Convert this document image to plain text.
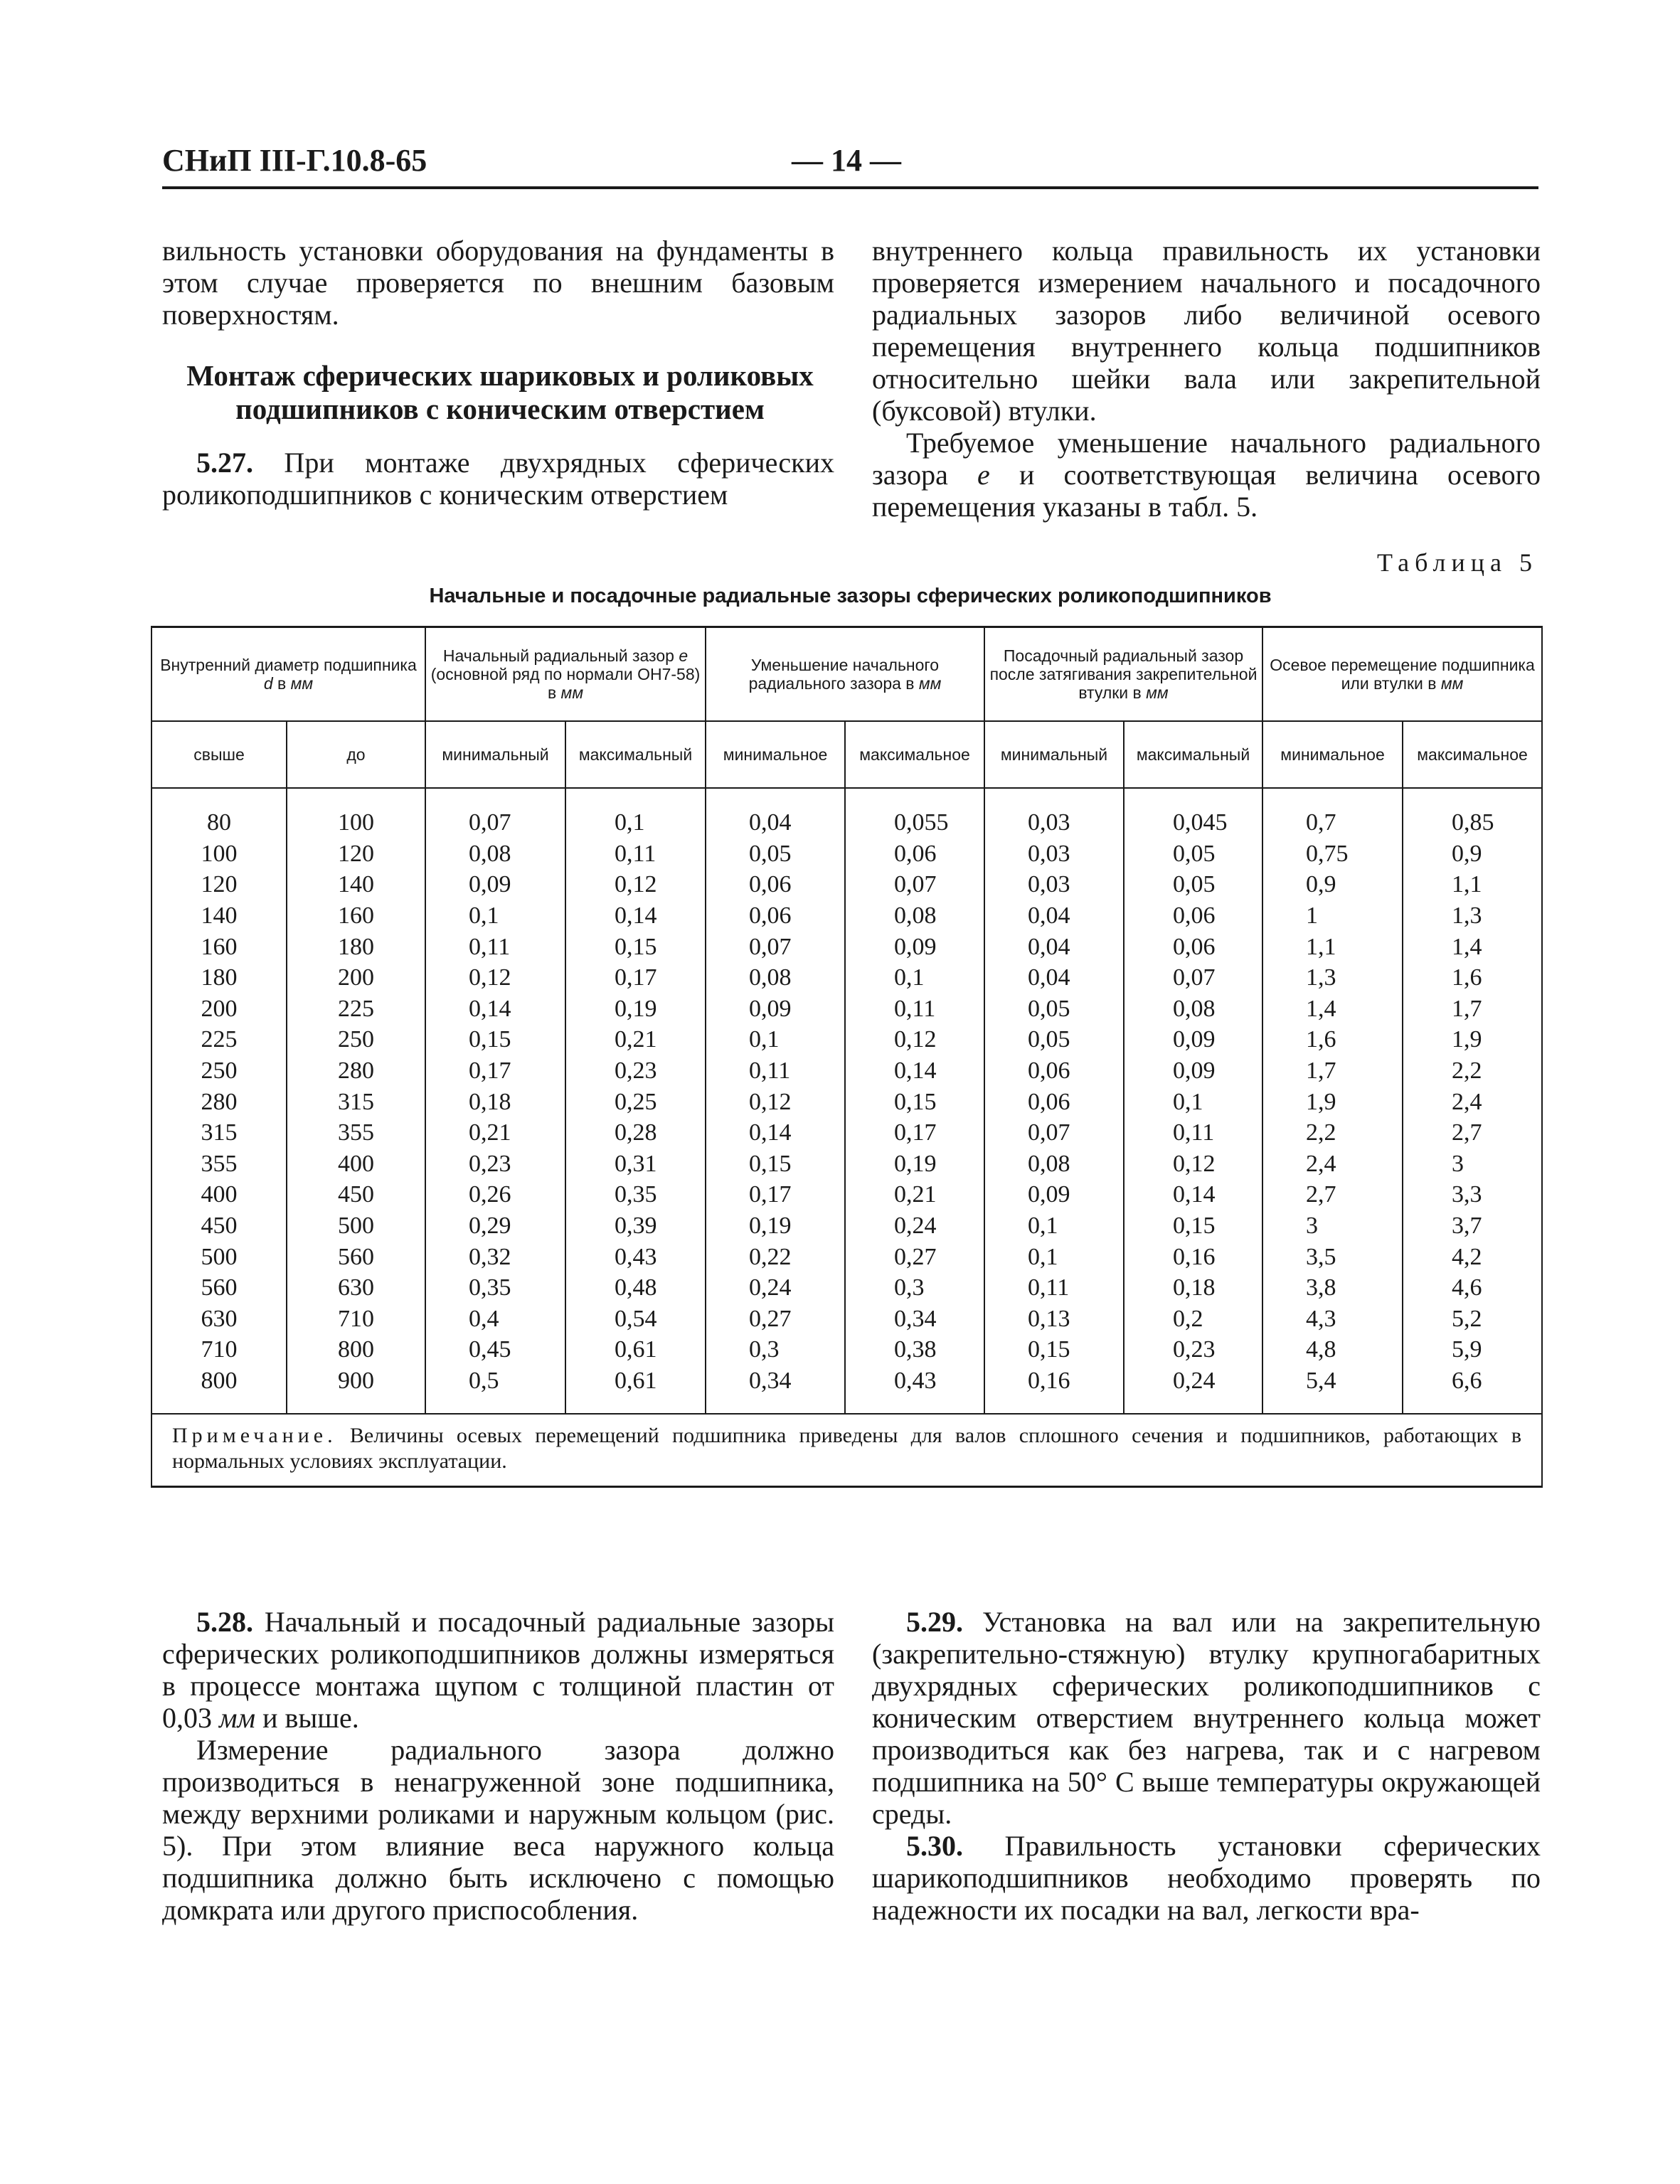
СНиП III-Г.10.8-65	— 14 —

вильность установки оборудования на фундаменты в этом случае проверяется по внешним базовым поверхностям.

Монтаж сферических шариковых и роликовых подшипников с коническим отверстием

5.27. При монтаже двухрядных сферических роликоподшипников с коническим отверстием

внутреннего кольца правильность их установки проверяется измерением начального и посадочного радиальных зазоров либо величиной осевого перемещения внутреннего кольца подшипников относительно шейки вала или закрепительной (буксовой) втулки.

Требуемое уменьшение начального радиального зазора e и соответствующая величина осевого перемещения указаны в табл. 5.

Таблица 5
Начальные и посадочные радиальные зазоры сферических роликоподшипников
Внутренний диаметр подшипника d в мм		Начальный радиальный зазор e (основной ряд по нормали ОН7-58) в мм		Уменьшение начального радиального зазора в мм		Посадочный радиальный зазор после затягивания закрепительной втулки в мм		Осевое перемещение подшипника или втулки в мм	
свыше	до	минимальный	максимальный	минимальное	максимальное	минимальный	максимальный	минимальное	максимальное

80	100	0,07	0,1	0,04	0,055	0,03	0,045	0,7	0,85
100	120	0,08	0,11	0,05	0,06	0,03	0,05	0,75	0,9
120	140	0,09	0,12	0,06	0,07	0,03	0,05	0,9	1,1
140	160	0,1	0,14	0,06	0,08	0,04	0,06	1	1,3
160	180	0,11	0,15	0,07	0,09	0,04	0,06	1,1	1,4
180	200	0,12	0,17	0,08	0,1	0,04	0,07	1,3	1,6
200	225	0,14	0,19	0,09	0,11	0,05	0,08	1,4	1,7
225	250	0,15	0,21	0,1	0,12	0,05	0,09	1,6	1,9
250	280	0,17	0,23	0,11	0,14	0,06	0,09	1,7	2,2
280	315	0,18	0,25	0,12	0,15	0,06	0,1	1,9	2,4
315	355	0,21	0,28	0,14	0,17	0,07	0,11	2,2	2,7
355	400	0,23	0,31	0,15	0,19	0,08	0,12	2,4	3
400	450	0,26	0,35	0,17	0,21	0,09	0,14	2,7	3,3
450	500	0,29	0,39	0,19	0,24	0,1	0,15	3	3,7
500	560	0,32	0,43	0,22	0,27	0,1	0,16	3,5	4,2
560	630	0,35	0,48	0,24	0,3	0,11	0,18	3,8	4,6
630	710	0,4	0,54	0,27	0,34	0,13	0,2	4,3	5,2
710	800	0,45	0,61	0,3	0,38	0,15	0,23	4,8	5,9
800	900	0,5	0,61	0,34	0,43	0,16	0,24	5,4	6,6

Примечание. Величины осевых перемещений подшипника приведены для валов сплошного сечения и подшипников, работающих в нормальных условиях эксплуатации.									

5.28. Начальный и посадочный радиальные зазоры сферических роликоподшипников должны измеряться в процессе монтажа щупом с толщиной пластин от 0,03 мм и выше.

Измерение радиального зазора должно производиться в ненагруженной зоне подшипника, между верхними роликами и наружным кольцом (рис. 5). При этом влияние веса наружного кольца подшипника должно быть исключено с помощью домкрата или другого приспособления.

5.29. Установка на вал или на закрепительную (закрепительно-стяжную) втулку крупногабаритных двухрядных сферических роликоподшипников с коническим отверстием внутреннего кольца может производиться как без нагрева, так и с нагревом подшипника на 50° С выше температуры окружающей среды.

5.30. Правильность установки сферических шарикоподшипников необходимо проверять по надежности их посадки на вал, легкости вра-
